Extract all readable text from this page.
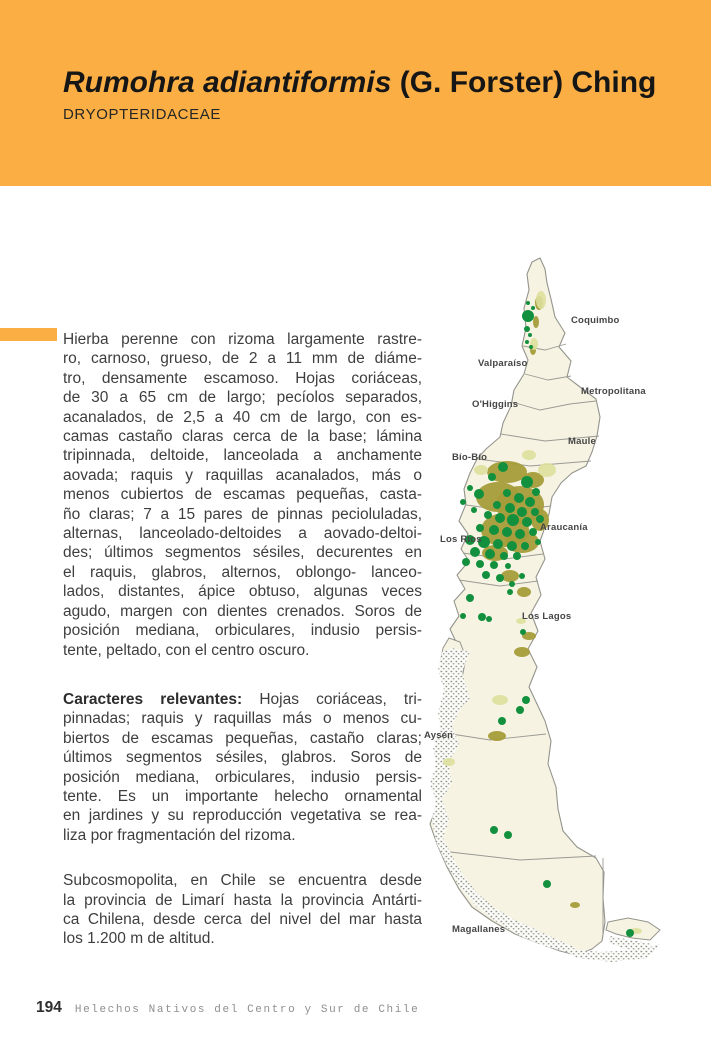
Rumohra adiantiformis (G. Forster) Ching
DRYOPTERIDACEAE
Hierba perenne con rizoma largamente rastre-
ro, carnoso, grueso, de 2 a 11 mm de diáme-
tro, densamente escamoso. Hojas coriáceas,
de 30 a 65 cm de largo; pecíolos separados,
acanalados, de 2,5 a 40 cm de largo, con es-
camas castaño claras cerca de la base; lámina
tripinnada, deltoide, lanceolada a anchamente
aovada; raquis y raquillas acanalados, más o
menos cubiertos de escamas pequeñas, casta-
ño claras; 7 a 15 pares de pinnas pecioluladas,
alternas, lanceolado-deltoides a aovado-deltoi-
des; últimos segmentos sésiles, decurentes en
el raquis, glabros, alternos, oblongo- lanceo-
lados, distantes, ápice obtuso, algunas veces
agudo, margen con dientes crenados. Soros de
posición mediana, orbiculares, indusio persis-
tente, peltado, con el centro oscuro.
Caracteres relevantes: Hojas coriáceas, tri-
pinnadas; raquis y raquillas más o menos cu-
biertos de escamas pequeñas, castaño claras;
últimos segmentos sésiles, glabros. Soros de
posición mediana, orbiculares, indusio persis-
tente. Es un importante helecho ornamental
en jardines y su reproducción vegetativa se rea-
liza por fragmentación del rizoma.
Subcosmopolita, en Chile se encuentra desde
la provincia de Limarí hasta la provincia Antárti-
ca Chilena, desde cerca del nivel del mar hasta
los 1.200 m de altitud.
Coquimbo
Valparaíso
Metropolitana
O'Higgins
Maule
Bío-Bío
Araucanía
Los Ríos
Los Lagos
Aysén
Magallanes
194 Helechos Nativos del Centro y Sur de Chile
